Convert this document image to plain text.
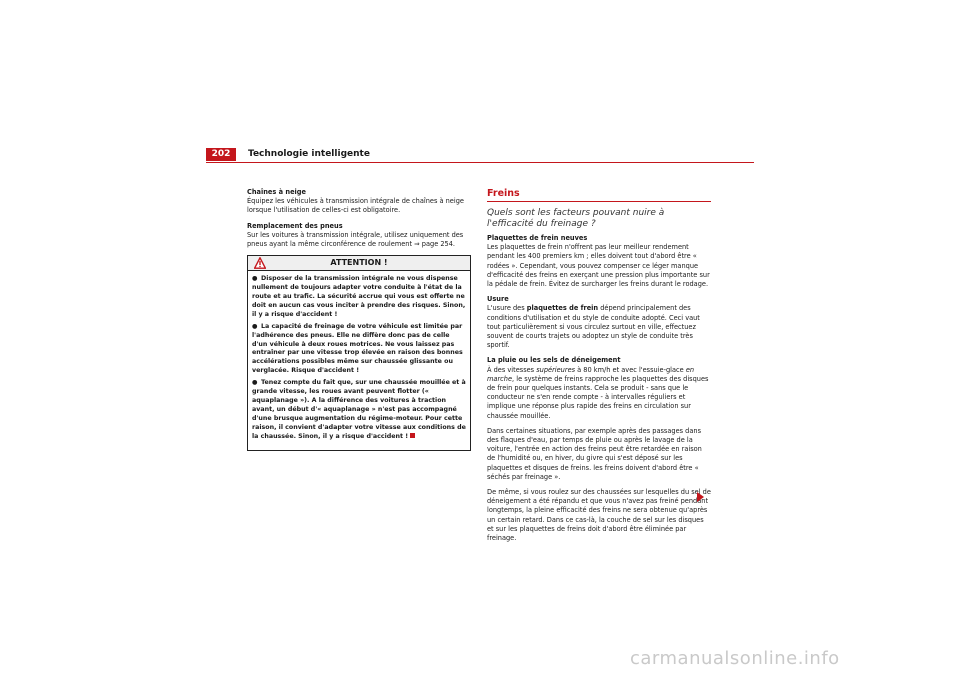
202	Technologie intelligente

Chaînes à neige

Équipez les véhicules à transmission intégrale de chaînes à neige lorsque l'utilisation de celles-ci est obligatoire.

Remplacement des pneus

Sur les voitures à transmission intégrale, utilisez uniquement des pneus ayant la même circonférence de roulement ⇒ page 254.

ATTENTION !

● Disposer de la transmission intégrale ne vous dispense nullement de toujours adapter votre conduite à l'état de la route et au trafic. La sécurité accrue qui vous est offerte ne doit en aucun cas vous inciter à prendre des risques. Sinon, il y a risque d'accident !

● La capacité de freinage de votre véhicule est limitée par l'adhérence des pneus. Elle ne diffère donc pas de celle d'un véhicule à deux roues motrices. Ne vous laissez pas entraîner par une vitesse trop élevée en raison des bonnes accélérations possibles même sur chaussée glissante ou verglacée. Risque d'accident !

● Tenez compte du fait que, sur une chaussée mouillée et à grande vitesse, les roues avant peuvent flotter (« aquaplanage »). A la différence des voitures à traction avant, un début d'« aquaplanage » n'est pas accompagné d'une brusque augmentation du régime-moteur. Pour cette raison, il convient d'adapter votre vitesse aux conditions de la chaussée. Sinon, il y a risque d'accident !

Freins

Quels sont les facteurs pouvant nuire à l'efficacité du freinage ?

Plaquettes de frein neuves

Les plaquettes de frein n'offrent pas leur meilleur rendement pendant les 400 premiers km ; elles doivent tout d'abord être « rodées ». Cependant, vous pouvez compenser ce léger manque d'efficacité des freins en exerçant une pression plus importante sur la pédale de frein. Évitez de surcharger les freins durant le rodage.

Usure

L'usure des plaquettes de frein dépend principalement des conditions d'utilisation et du style de conduite adopté. Ceci vaut tout particulièrement si vous circulez surtout en ville, effectuez souvent de courts trajets ou adoptez un style de conduite très sportif.

La pluie ou les sels de déneigement

À des vitesses supérieures à 80 km/h et avec l'essuie-glace en marche, le système de freins rapproche les plaquettes des disques de frein pour quelques instants. Cela se produit - sans que le conducteur ne s'en rende compte - à intervalles réguliers et implique une réponse plus rapide des freins en circulation sur chaussée mouillée.

Dans certaines situations, par exemple après des passages dans des flaques d'eau, par temps de pluie ou après le lavage de la voiture, l'entrée en action des freins peut être retardée en raison de l'humidité ou, en hiver, du givre qui s'est déposé sur les plaquettes et disques de freins. les freins doivent d'abord être « séchés par freinage ».

De même, si vous roulez sur des chaussées sur lesquelles du sel de déneigement a été répandu et que vous n'avez pas freiné pendant longtemps, la pleine efficacité des freins ne sera obtenue qu'après un certain retard. Dans ce cas-là, la couche de sel sur les disques et sur les plaquettes de freins doit d'abord être éliminée par freinage.

carmanualsonline.info
